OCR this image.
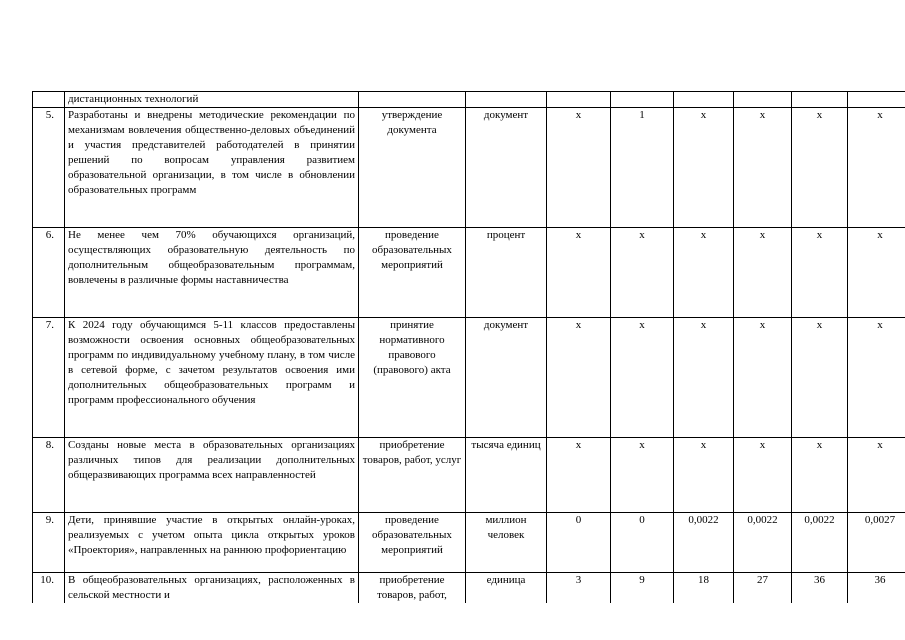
	дистанционных технологий								
5.	Разработаны и внедрены методические рекомендации по механизмам вовлечения общественно-деловых объединений и участия представителей работодателей в принятии решений по вопросам управления развитием образовательной организации, в том числе в обновлении образовательных программ	утверждение документа	документ	x	1	x	x	x	x
6.	Не менее чем 70% обучающихся организаций, осуществляющих образовательную деятельность по дополнительным общеобразовательным программам, вовлечены в различные формы наставничества	проведение образовательных мероприятий	процент	x	x	x	x	x	x
7.	К 2024 году обучающимся 5-11 классов предоставлены возможности освоения основных общеобразовательных программ по индивидуальному учебному плану, в том числе в сетевой форме, с зачетом результатов освоения ими дополнительных общеобразовательных программ и программ профессионального обучения	принятие нормативного правового (правового) акта	документ	x	x	x	x	x	x
8.	Созданы новые места в образовательных организациях различных типов для реализации дополнительных общеразвивающих программа всех направленностей	приобретение товаров, работ, услуг	тысяча единиц	x	x	x	x	x	x
9.	Дети, принявшие участие в открытых онлайн-уроках, реализуемых с учетом опыта цикла открытых уроков «Проектория», направленных на раннюю профориентацию	проведение образовательных мероприятий	миллион человек	0	0	0,0022	0,0022	0,0022	0,0027
10.	В общеобразовательных организациях, расположенных в сельской местности и	приобретение товаров, работ,	единица	3	9	18	27	36	36
